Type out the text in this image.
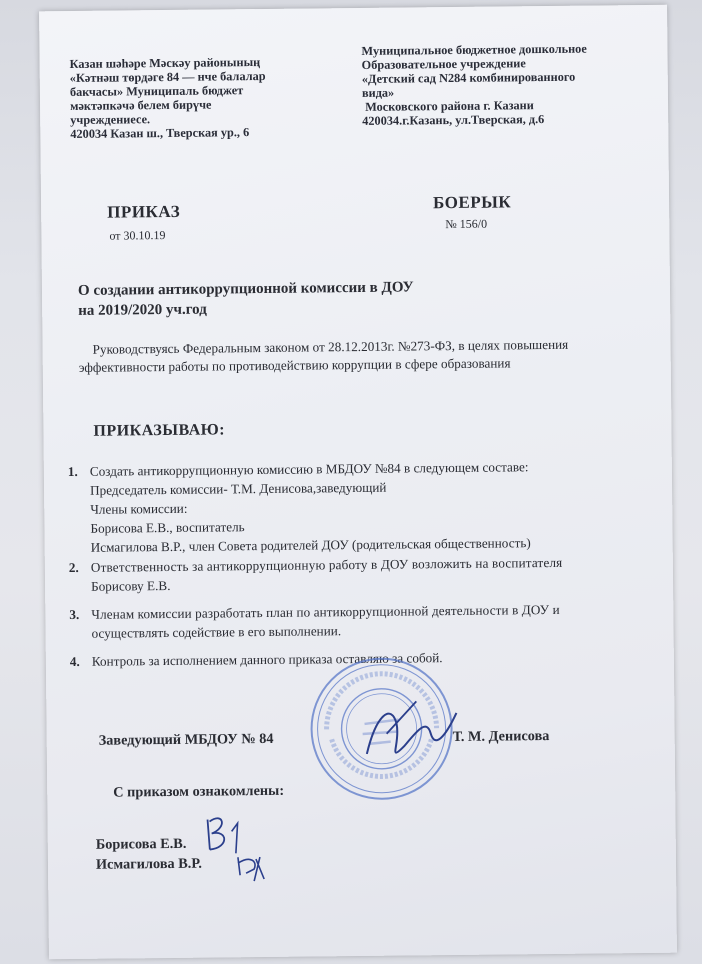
Казан шәһәре Мәскәу районының
«Кәтнәш төрдәге 84 — нче балалар
бакчасы» Муниципаль бюджет
мәктәпкәчә белем бирүче
учреждениесе.
420034 Казан ш., Тверская ур., 6
Муниципальное бюджетное дошкольное
Образовательное учреждение
«Детский сад N284 комбинированного
вида»
Московского района г. Казани
420034.г.Казань, ул.Тверская, д.6
ПРИКАЗ
от 30.10.19
БОЕРЫК
№ 156/0
О создании антикоррупционной комиссии в ДОУ
на 2019/2020 уч.год
Руководствуясь Федеральным законом от 28.12.2013г. №273-ФЗ, в целях повышения
эффективности работы по противодействию коррупции в сфере образования
ПРИКАЗЫВАЮ:
1. Создать антикоррупционную комиссию в МБДОУ №84 в следующем составе:
Председатель комиссии- Т.М. Денисова,заведующий
Члены комиссии:
Борисова Е.В., воспитатель
Исмагилова В.Р., член Совета родителей ДОУ (родительская общественность)
2. Ответственность за антикоррупционную работу в ДОУ возложить на воспитателя
Борисову Е.В.
3. Членам комиссии разработать план по антикоррупционной деятельности в ДОУ и
осуществлять содействие в его выполнении.
4. Контроль за исполнением данного приказа оставляю за собой.
Заведующий МБДОУ № 84	Т. М. Денисова
С приказом ознакомлены:
Борисова Е.В.
Исмагилова В.Р.
